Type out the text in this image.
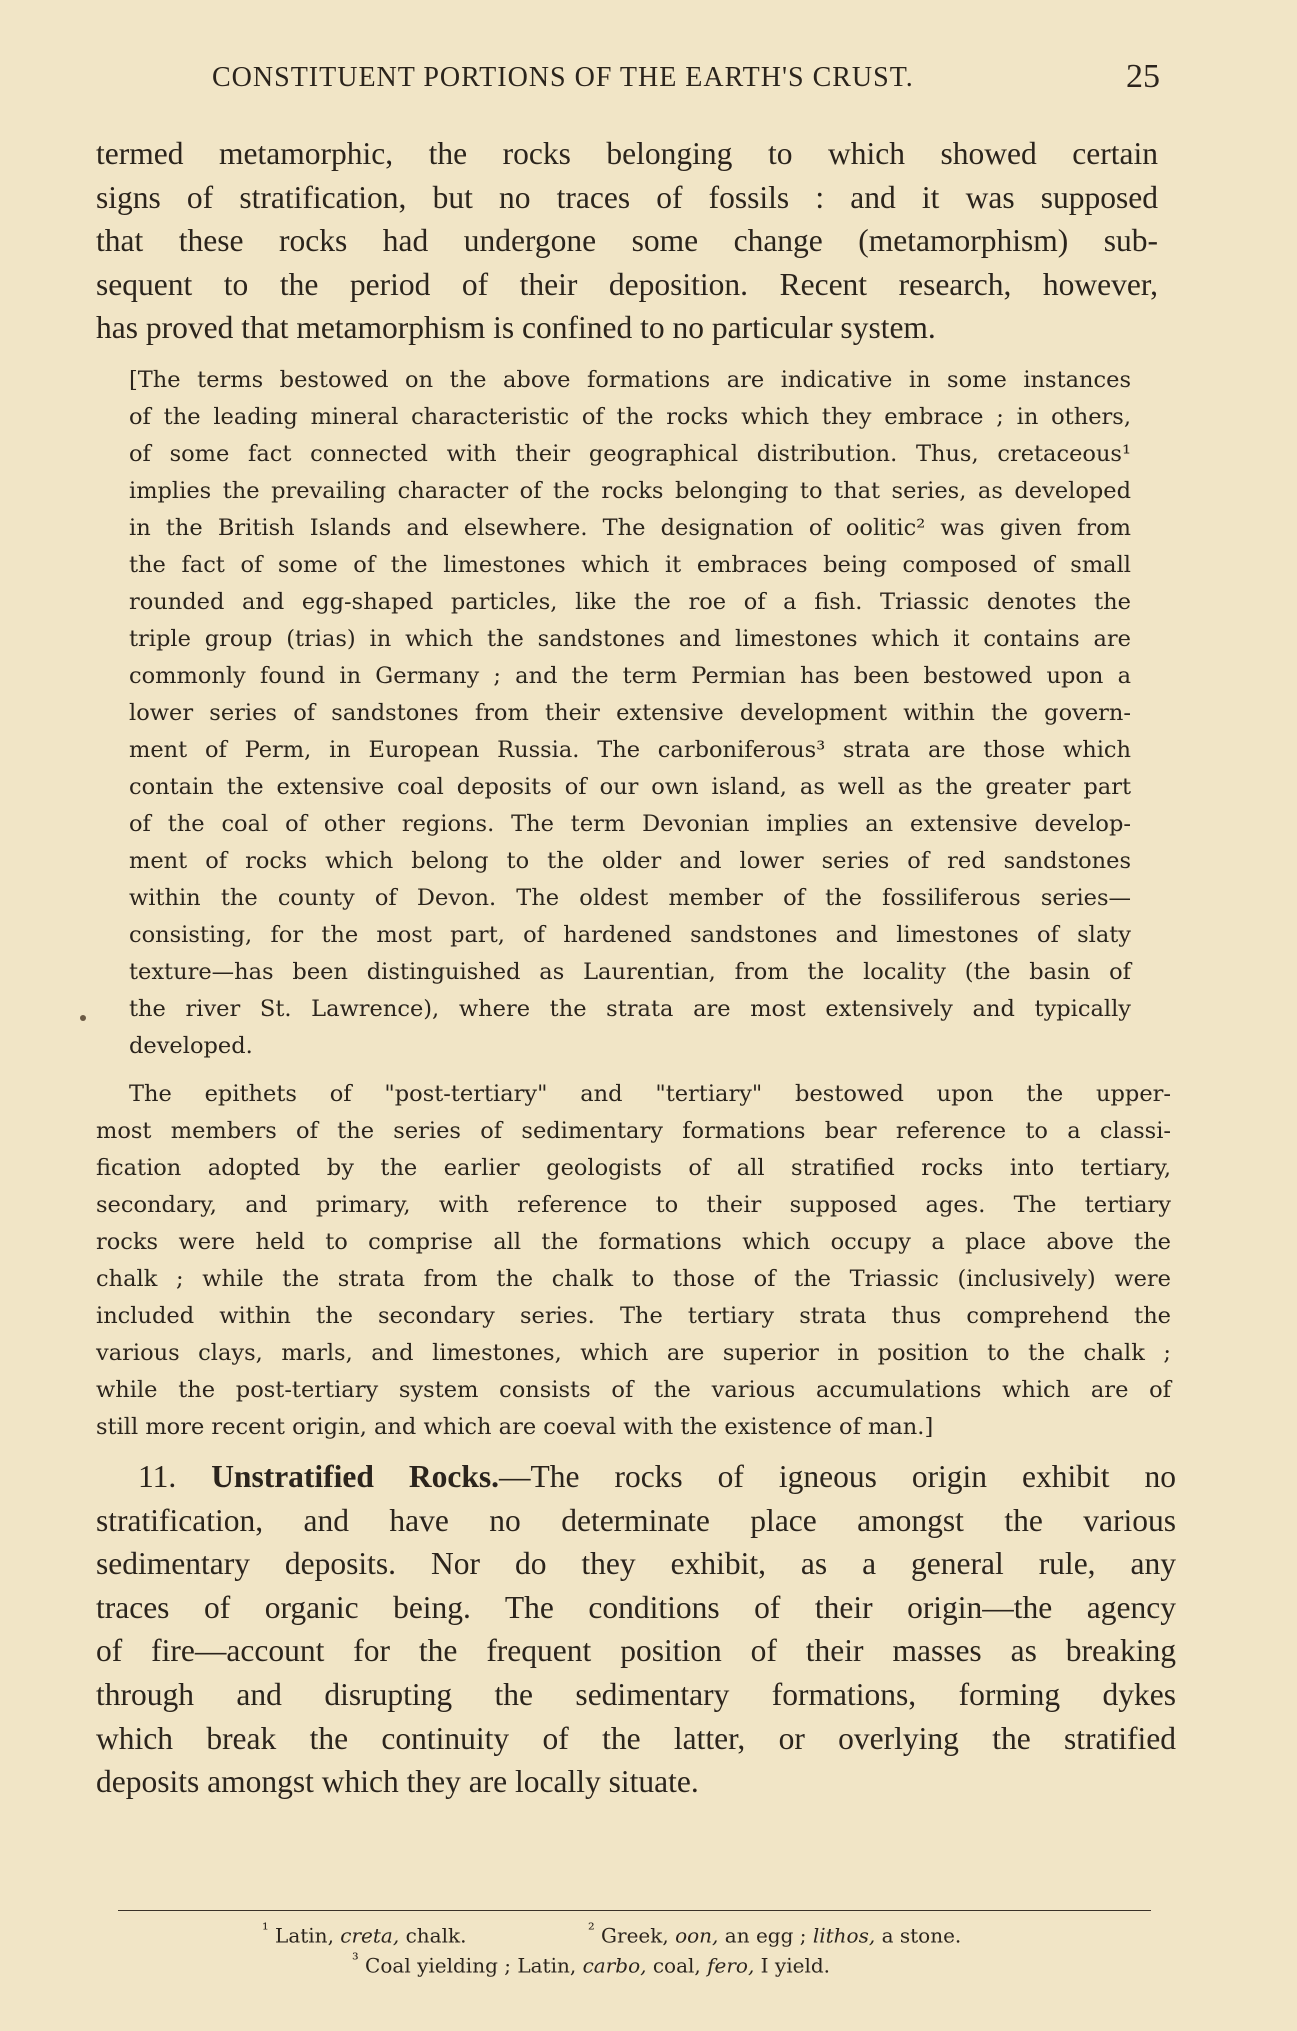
CONSTITUENT PORTIONS OF THE EARTH'S CRUST.	25
termed metamorphic, the rocks belonging to which showed certain
signs of stratification, but no traces of fossils : and it was supposed
that these rocks had undergone some change (metamorphism) sub-
sequent to the period of their deposition. Recent research, however,
has proved that metamorphism is confined to no particular system.
[The terms bestowed on the above formations are indicative in some instances
of the leading mineral characteristic of the rocks which they embrace ; in others,
of some fact connected with their geographical distribution. Thus, cretaceous¹
implies the prevailing character of the rocks belonging to that series, as developed
in the British Islands and elsewhere. The designation of oolitic² was given from
the fact of some of the limestones which it embraces being composed of small
rounded and egg-shaped particles, like the roe of a fish. Triassic denotes the
triple group (trias) in which the sandstones and limestones which it contains are
commonly found in Germany ; and the term Permian has been bestowed upon a
lower series of sandstones from their extensive development within the govern-
ment of Perm, in European Russia. The carboniferous³ strata are those which
contain the extensive coal deposits of our own island, as well as the greater part
of the coal of other regions. The term Devonian implies an extensive develop-
ment of rocks which belong to the older and lower series of red sandstones
within the county of Devon. The oldest member of the fossiliferous series—
consisting, for the most part, of hardened sandstones and limestones of slaty
texture—has been distinguished as Laurentian, from the locality (the basin of
the river St. Lawrence), where the strata are most extensively and typically
developed.
The epithets of "post-tertiary" and "tertiary" bestowed upon the upper-
most members of the series of sedimentary formations bear reference to a classi-
fication adopted by the earlier geologists of all stratified rocks into tertiary,
secondary, and primary, with reference to their supposed ages. The tertiary
rocks were held to comprise all the formations which occupy a place above the
chalk ; while the strata from the chalk to those of the Triassic (inclusively) were
included within the secondary series. The tertiary strata thus comprehend the
various clays, marls, and limestones, which are superior in position to the chalk ;
while the post-tertiary system consists of the various accumulations which are of
still more recent origin, and which are coeval with the existence of man.]
11. Unstratified Rocks.—The rocks of igneous origin exhibit no
stratification, and have no determinate place amongst the various
sedimentary deposits. Nor do they exhibit, as a general rule, any
traces of organic being. The conditions of their origin—the agency
of fire—account for the frequent position of their masses as breaking
through and disrupting the sedimentary formations, forming dykes
which break the continuity of the latter, or overlying the stratified
deposits amongst which they are locally situate.
$^{^1}$ Latin, creta, chalk.	$^{^2}$ Greek, oon, an egg ; lithos, a stone.
$^{^3}$ Coal yielding ; Latin, carbo, coal, fero, I yield.
